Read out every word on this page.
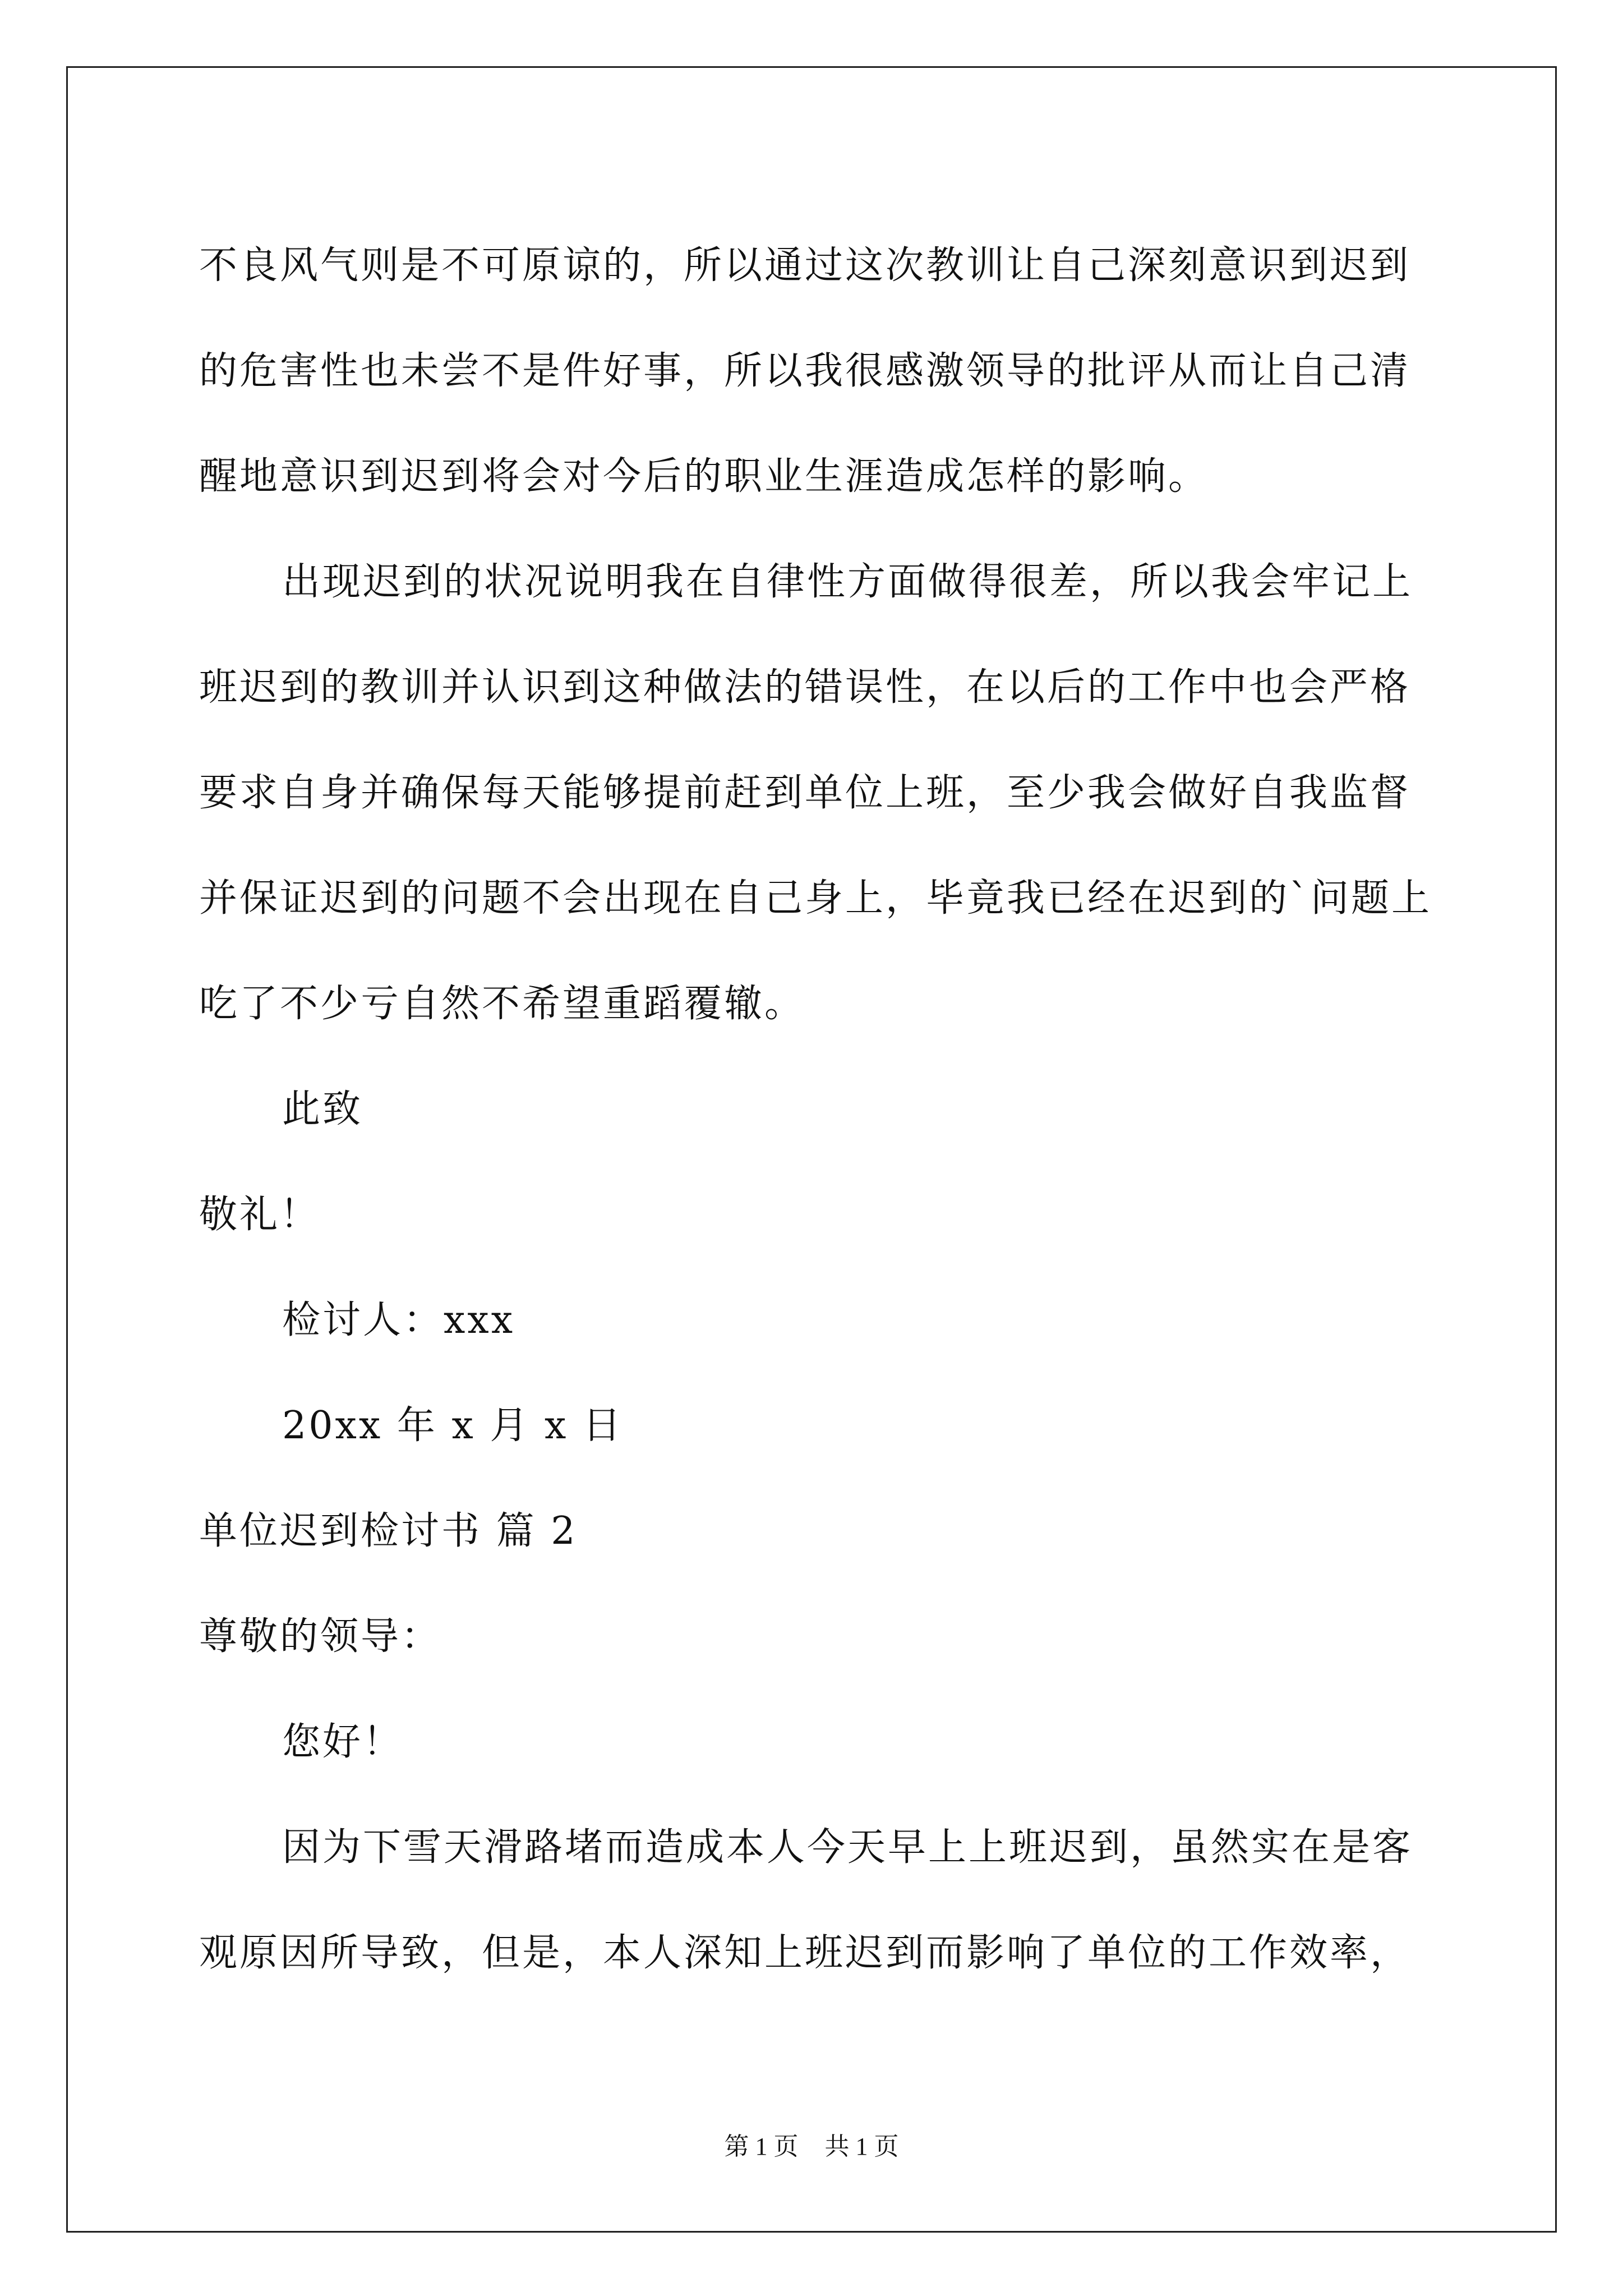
不良风气则是不可原谅的，所以通过这次教训让自己深刻意识到迟到
的危害性也未尝不是件好事，所以我很感激领导的批评从而让自己清
醒地意识到迟到将会对今后的职业生涯造成怎样的影响。
出现迟到的状况说明我在自律性方面做得很差，所以我会牢记上
班迟到的教训并认识到这种做法的错误性，在以后的工作中也会严格
要求自身并确保每天能够提前赶到单位上班，至少我会做好自我监督
并保证迟到的问题不会出现在自己身上，毕竟我已经在迟到的`问题上
吃了不少亏自然不希望重蹈覆辙。
此致
敬礼！
检讨人：xxx
20xx 年 x 月 x 日
单位迟到检讨书 篇 2
尊敬的领导：
您好！
因为下雪天滑路堵而造成本人今天早上上班迟到，虽然实在是客
观原因所导致，但是，本人深知上班迟到而影响了单位的工作效率，
第 1 页 共 1 页
